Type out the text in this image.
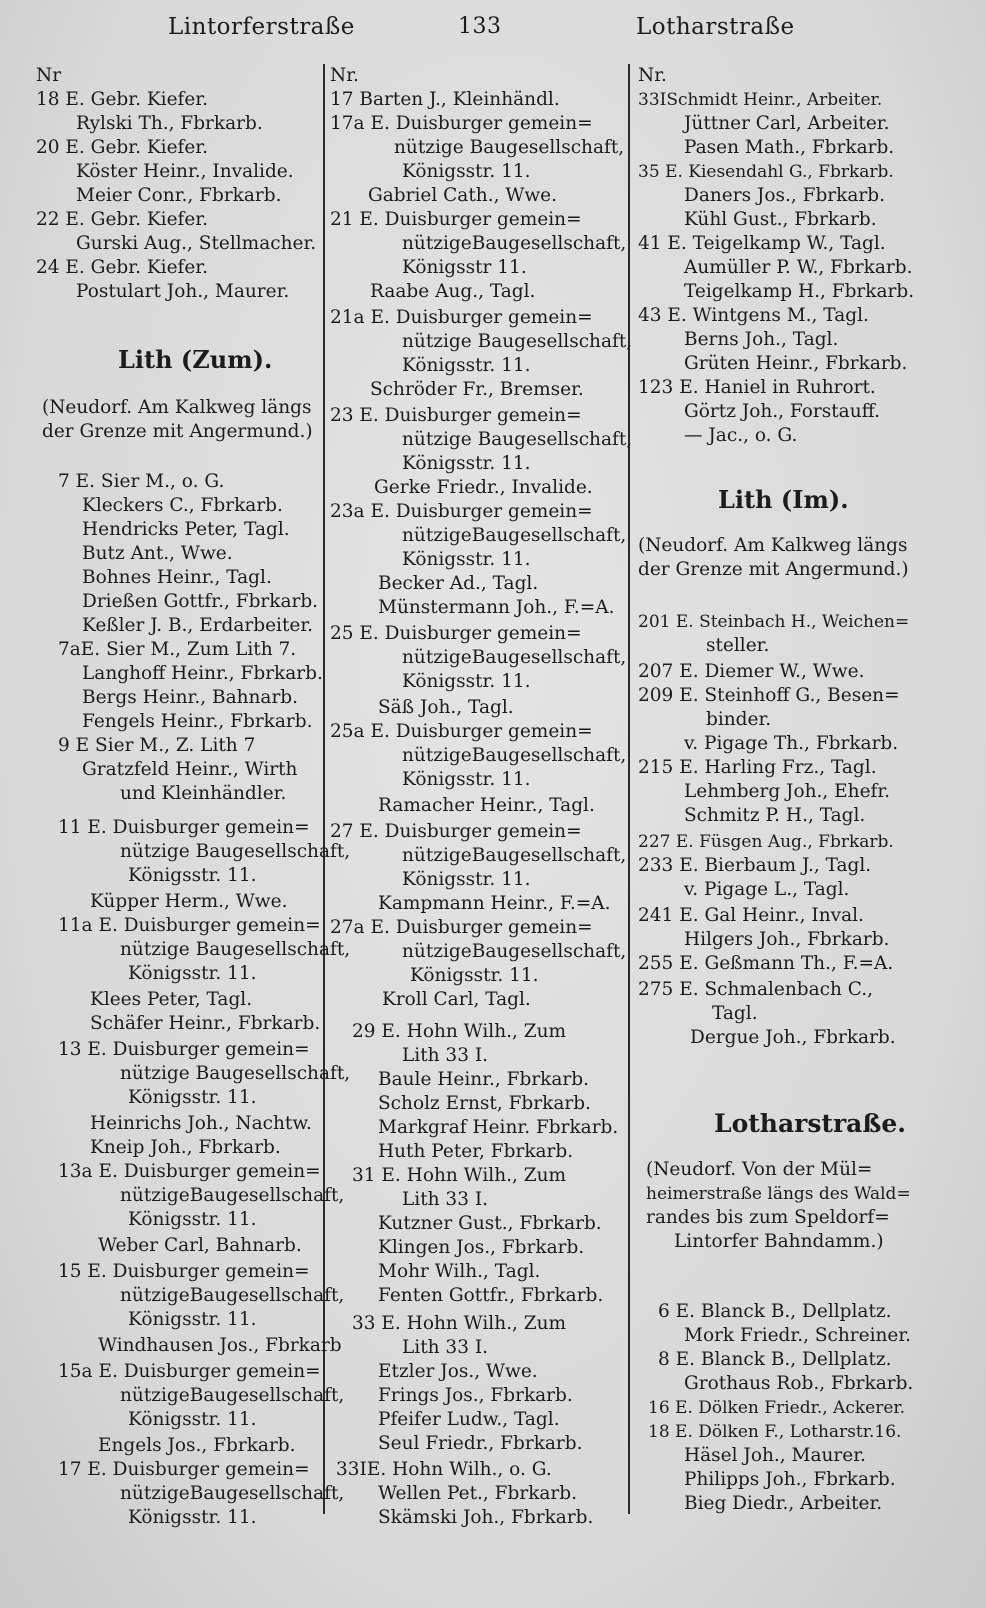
Lintorferstraße	133	Lotharstraße
Nr
18 E. Gebr. Kiefer.
Rylski Th., Fbrkarb.
20 E. Gebr. Kiefer.
Köster Heinr., Invalide.
Meier Conr., Fbrkarb.
22 E. Gebr. Kiefer.
Gurski Aug., Stellmacher.
24 E. Gebr. Kiefer.
Postulart Joh., Maurer.
Lith (Zum).
(Neudorf. Am Kalkweg längs
der Grenze mit Angermund.)
7 E. Sier M., o. G.
Kleckers C., Fbrkarb.
Hendricks Peter, Tagl.
Butz Ant., Wwe.
Bohnes Heinr., Tagl.
Drießen Gottfr., Fbrkarb.
Keßler J. B., Erdarbeiter.
7aE. Sier M., Zum Lith 7.
Langhoff Heinr., Fbrkarb.
Bergs Heinr., Bahnarb.
Fengels Heinr., Fbrkarb.
9 E Sier M., Z. Lith 7
Gratzfeld Heinr., Wirth
und Kleinhändler.
11 E. Duisburger gemein=
nützige Baugesellschaft,
Königsstr. 11.
Küpper Herm., Wwe.
11a E. Duisburger gemein=
nützige Baugesellschaft,
Königsstr. 11.
Klees Peter, Tagl.
Schäfer Heinr., Fbrkarb.
13 E. Duisburger gemein=
nützige Baugesellschaft,
Königsstr. 11.
Heinrichs Joh., Nachtw.
Kneip Joh., Fbrkarb.
13a E. Duisburger gemein=
nützigeBaugesellschaft,
Königsstr. 11.
Weber Carl, Bahnarb.
15 E. Duisburger gemein=
nützigeBaugesellschaft,
Königsstr. 11.
Windhausen Jos., Fbrkarb
15a E. Duisburger gemein=
nützigeBaugesellschaft,
Königsstr. 11.
Engels Jos., Fbrkarb.
17 E. Duisburger gemein=
nützigeBaugesellschaft,
Königsstr. 11.
Nr.
17 Barten J., Kleinhändl.
17a E. Duisburger gemein=
nützige Baugesellschaft,
Königsstr. 11.
Gabriel Cath., Wwe.
21 E. Duisburger gemein=
nützigeBaugesellschaft,
Königsstr 11.
Raabe Aug., Tagl.
21a E. Duisburger gemein=
nützige Baugesellschaft,
Königsstr. 11.
Schröder Fr., Bremser.
23 E. Duisburger gemein=
nützige Baugesellschaft,
Königsstr. 11.
Gerke Friedr., Invalide.
23a E. Duisburger gemein=
nützigeBaugesellschaft,
Königsstr. 11.
Becker Ad., Tagl.
Münstermann Joh., F.=A.
25 E. Duisburger gemein=
nützigeBaugesellschaft,
Königsstr. 11.
Säß Joh., Tagl.
25a E. Duisburger gemein=
nützigeBaugesellschaft,
Königsstr. 11.
Ramacher Heinr., Tagl.
27 E. Duisburger gemein=
nützigeBaugesellschaft,
Königsstr. 11.
Kampmann Heinr., F.=A.
27a E. Duisburger gemein=
nützigeBaugesellschaft,
Königsstr. 11.
Kroll Carl, Tagl.
29 E. Hohn Wilh., Zum
Lith 33 I.
Baule Heinr., Fbrkarb.
Scholz Ernst, Fbrkarb.
Markgraf Heinr. Fbrkarb.
Huth Peter, Fbrkarb.
31 E. Hohn Wilh., Zum
Lith 33 I.
Kutzner Gust., Fbrkarb.
Klingen Jos., Fbrkarb.
Mohr Wilh., Tagl.
Fenten Gottfr., Fbrkarb.
33 E. Hohn Wilh., Zum
Lith 33 I.
Etzler Jos., Wwe.
Frings Jos., Fbrkarb.
Pfeifer Ludw., Tagl.
Seul Friedr., Fbrkarb.
33IE. Hohn Wilh., o. G.
Wellen Pet., Fbrkarb.
Skämski Joh., Fbrkarb.
Nr.
33ISchmidt Heinr., Arbeiter.
Jüttner Carl, Arbeiter.
Pasen Math., Fbrkarb.
35 E. Kiesendahl G., Fbrkarb.
Daners Jos., Fbrkarb.
Kühl Gust., Fbrkarb.
41 E. Teigelkamp W., Tagl.
Aumüller P. W., Fbrkarb.
Teigelkamp H., Fbrkarb.
43 E. Wintgens M., Tagl.
Berns Joh., Tagl.
Grüten Heinr., Fbrkarb.
123 E. Haniel in Ruhrort.
Görtz Joh., Forstauff.
— Jac., o. G.
Lith (Im).
(Neudorf. Am Kalkweg längs
der Grenze mit Angermund.)
201 E. Steinbach H., Weichen=
steller.
207 E. Diemer W., Wwe.
209 E. Steinhoff G., Besen=
binder.
v. Pigage Th., Fbrkarb.
215 E. Harling Frz., Tagl.
Lehmberg Joh., Ehefr.
Schmitz P. H., Tagl.
227 E. Füsgen Aug., Fbrkarb.
233 E. Bierbaum J., Tagl.
v. Pigage L., Tagl.
241 E. Gal Heinr., Inval.
Hilgers Joh., Fbrkarb.
255 E. Geßmann Th., F.=A.
275 E. Schmalenbach C.,
Tagl.
Dergue Joh., Fbrkarb.
Lotharstraße.
(Neudorf. Von der Mül=
heimerstraße längs des Wald=
randes bis zum Speldorf=
Lintorfer Bahndamm.)
6 E. Blanck B., Dellplatz.
Mork Friedr., Schreiner.
8 E. Blanck B., Dellplatz.
Grothaus Rob., Fbrkarb.
16 E. Dölken Friedr., Ackerer.
18 E. Dölken F., Lotharstr.16.
Häsel Joh., Maurer.
Philipps Joh., Fbrkarb.
Bieg Diedr., Arbeiter.
